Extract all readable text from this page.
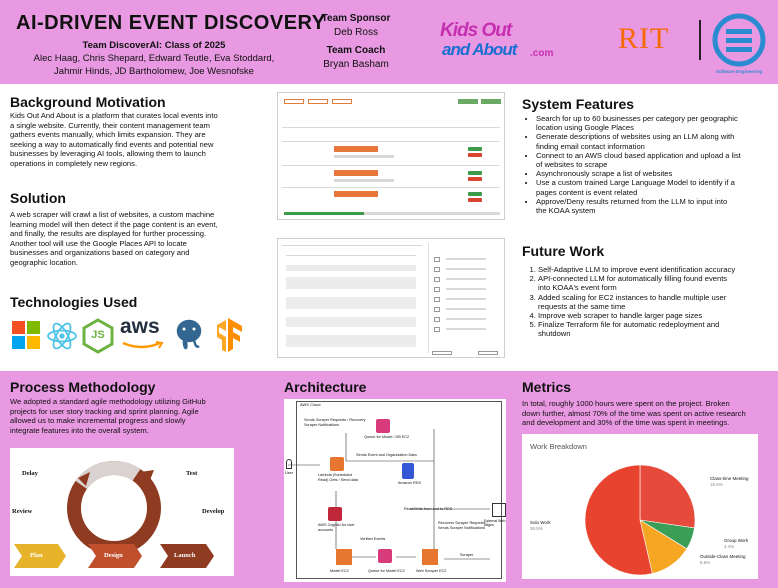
AI-DRIVEN EVENT DISCOVERY
Team DiscoverAI: Class of 2025
Alec Haag, Chris Shepard, Edward Teutle, Eva Stoddard,
Jahmir Hinds, JD Bartholomew, Joe Wesnofske
Team Sponsor
Deb Ross
Team Coach
Bryan Basham
Kids Out
and About .com RIT
Software Engineering
Background Motivation
Kids Out And About is a platform that curates local events into
a single website. Currently, their content management team
gathers events manually, which limits expansion. They are
seeking a way to automatically find events and potential new
businesses by leveraging AI tools, allowing them to launch
operations in completely new regions.
Solution
A web scraper will crawl a list of websites, a custom machine
learning model will then detect if the page content is an event,
and finally, the results are displayed for further processing.
Another tool will use the Google Places API to locate
businesses and organizations based on category and
geographic location.
Technologies Used
JS aws
System Features
• Search for up to 60 businesses per category per geographic
location using Google Places
• Generate descriptions of websites using an LLM along with
finding email contact information
• Connect to an AWS cloud based application and upload a list
of websites to scrape
• Asynchronously scrape a list of websites
• Use a custom trained Large Language Model to identify if a
pages content is event related
• Approve/Deny results returned from the LLM to input into
the KOAA system
Future Work
1. Self-Adaptive LLM to improve event identification accuracy
2. API-connected LLM for automatically filling found events
into KOAA's event form
3. Added scaling for EC2 instances to handle multiple user
requests at the same time
4. Improve web scraper to handle larger page sizes
5. Finalize Terraform file for automatic redeployment and
shutdown
Process Methodology
We adopted a standard agile methodology utilizing GitHub
projects for user story tracking and sprint planning. Agile
allowed us to make incremental progress and slowly
integrate features into the overall system.
Delay	Test
Review	Develop
Plan	Design	Launch
Architecture
AWS Cloud
Sends Scraper Requests / Recovery Scraper Notifications
Queue for Model / DB EC2
Sends Event and Organization Data
Lambda (Scheduled Read) Gets / Send data
Amazon RDS
AWS Cognito for user accounts
Read/Write from and to RDS
Recovers Scraper Requests / Sends Scraper Notifications
External Web pages
Verified Events
Scraper
Model EC2	Queue for Model EC2	Web Scraper EC2
User
Metrics
In total, roughly 1000 hours were spent on the project. Broken
down further, almost 70% of the time was spent on active research
and development and 30% of the time was spent in meetings.
Work Breakdown
Class-time Meeting
18.6%
Solo Work
36.5%
Group Work
4.4%
Outside-Class Meeting
8.6%
